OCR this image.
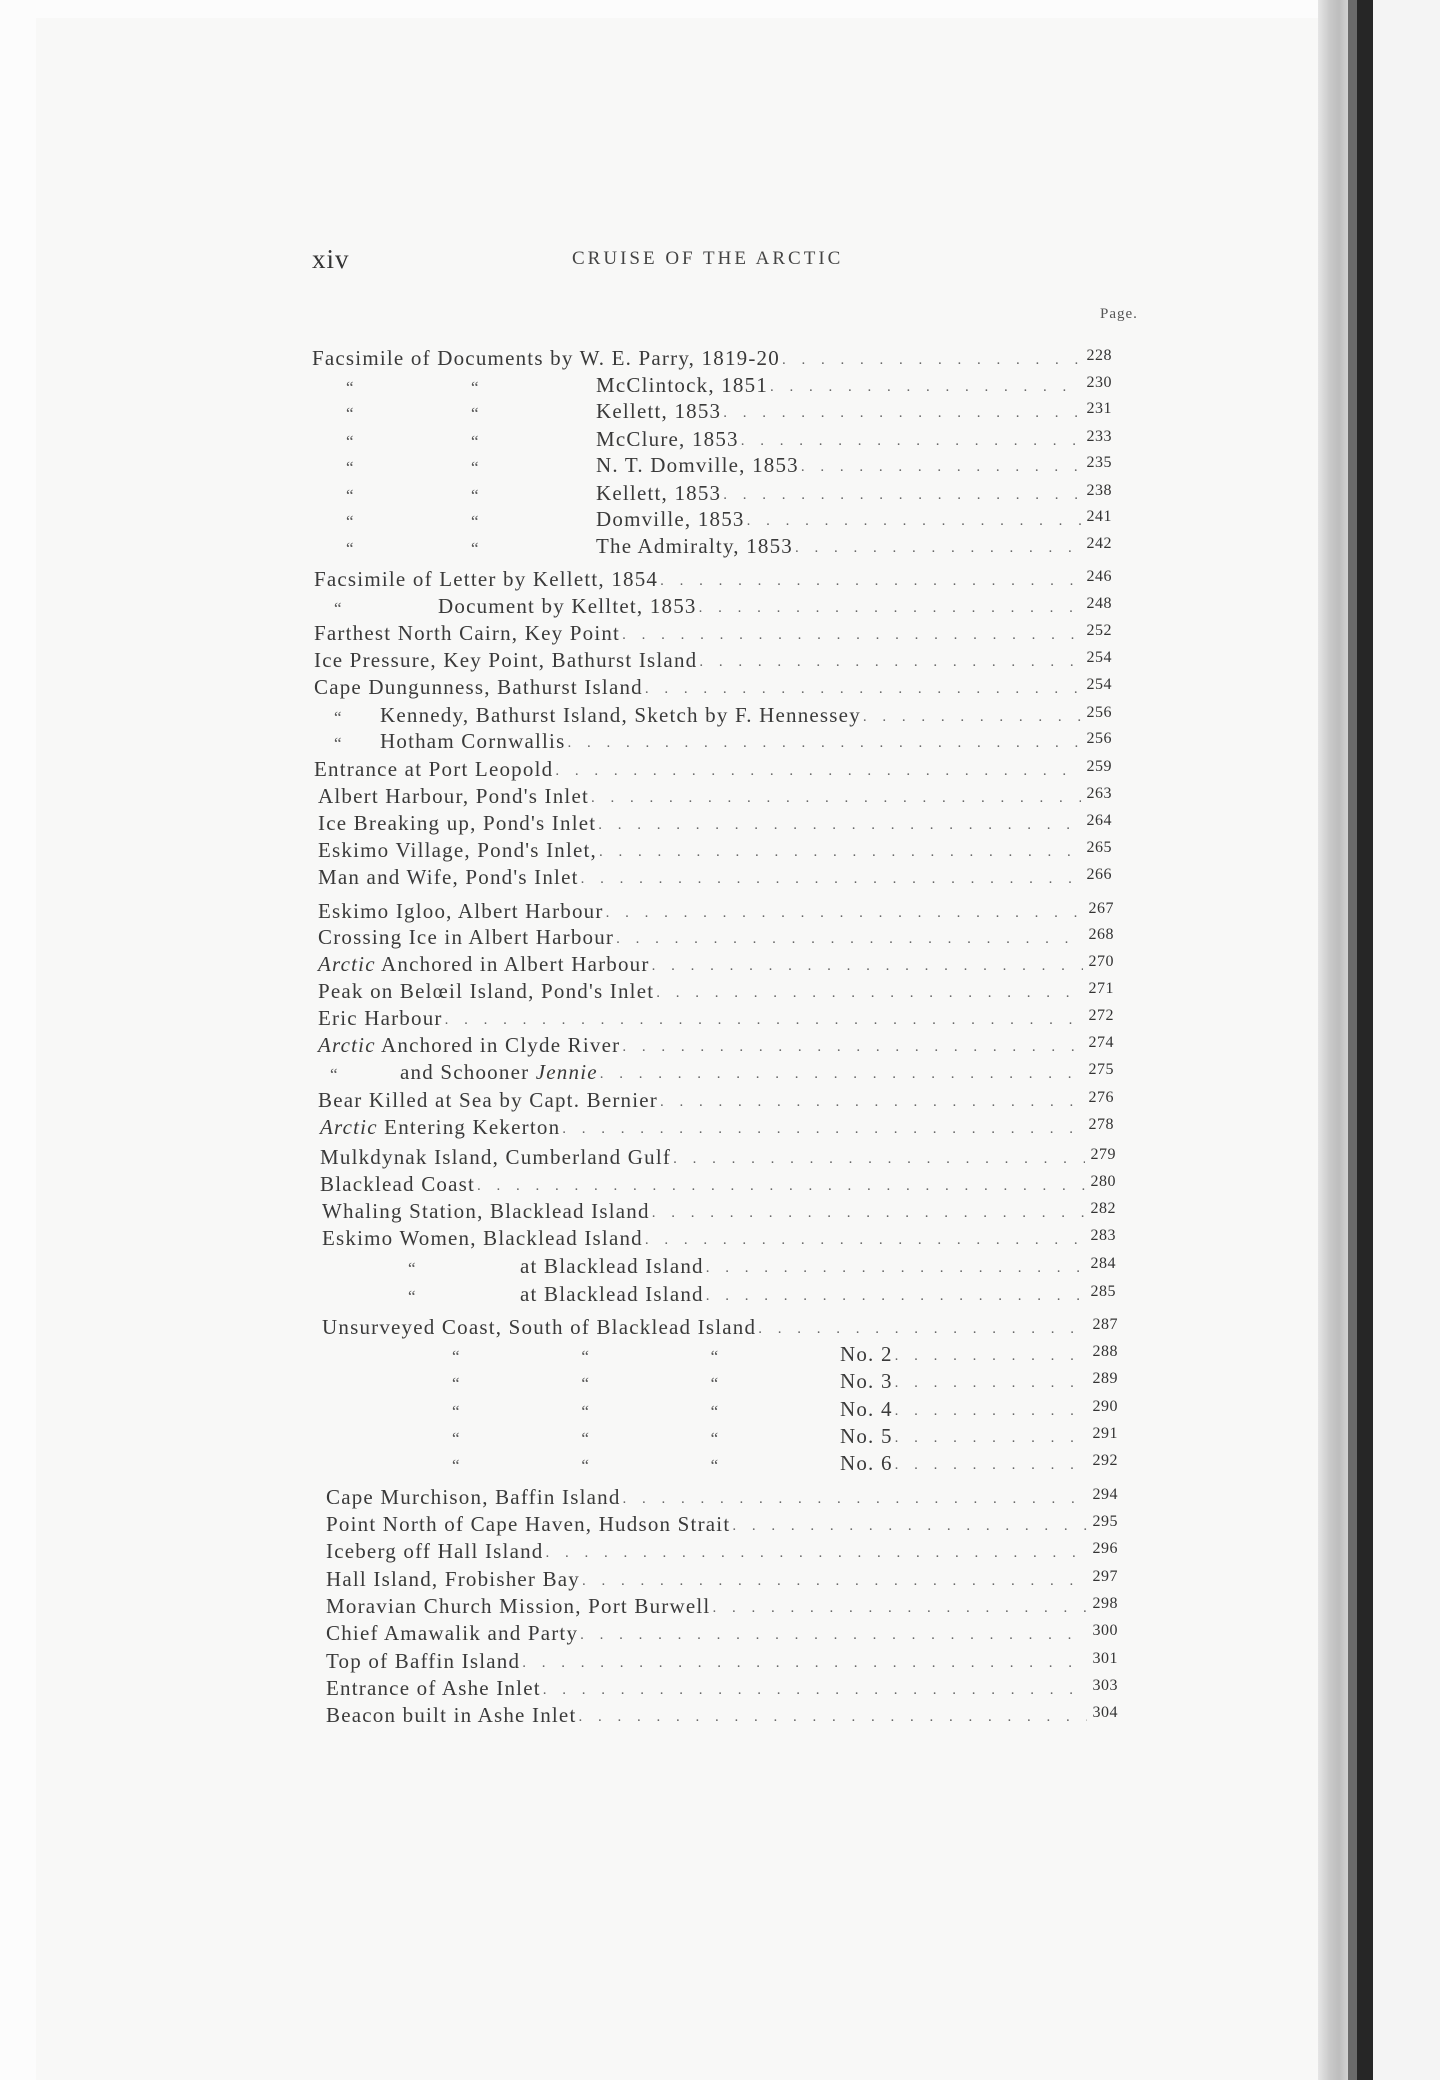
xiv	CRUISE OF THE ARCTIC
Page.
Facsimile of Documents by W. E. Parry, 1819-20 . . .	228
“	“	McClintock, 1851 . . .	230
“	“	Kellett, 1853 . . .	231
“	“	McClure, 1853 . . .	233
“	“	N. T. Domville, 1853 . . .	235
“	“	Kellett, 1853 . . .	238
“	“	Domville, 1853 . . .	241
“	“	The Admiralty, 1853 . . .	242
Facsimile of Letter by Kellett, 1854 . . .	246
“	Document by Kelltet, 1853 . . .	248
Farthest North Cairn, Key Point . . .	252
Ice Pressure, Key Point, Bathurst Island . . .	254
Cape Dungunness, Bathurst Island . . .	254
“	Kennedy, Bathurst Island, Sketch by F. Hennessey . . .	256
“	Hotham Cornwallis . . .	256
Entrance at Port Leopold . . .	259
Albert Harbour, Pond's Inlet . . .	263
Ice Breaking up, Pond's Inlet . . .	264
Eskimo Village, Pond's Inlet, . . .	265
Man and Wife, Pond's Inlet . . .	266
Eskimo Igloo, Albert Harbour . . .	267
Crossing Ice in Albert Harbour . . .	268
Arctic Anchored in Albert Harbour . . .	270
Peak on Belœil Island, Pond's Inlet . . .	271
Eric Harbour . . .	272
Arctic Anchored in Clyde River . . .	274
“	and Schooner Jennie . . .	275
Bear Killed at Sea by Capt. Bernier . . .	276
Arctic Entering Kekerton . . .	278
Mulkdynak Island, Cumberland Gulf . . .	279
Blacklead Coast . . .	280
Whaling Station, Blacklead Island . . .	282
Eskimo Women, Blacklead Island . . .	283
“	at Blacklead Island . . .	284
“	at Blacklead Island . . .	285
Unsurveyed Coast, South of Blacklead Island . . .	287
“	“	“	No. 2 . . .	288
“	“	“	No. 3 . . .	289
“	“	“	No. 4 . . .	290
“	“	“	No. 5 . . .	291
“	“	“	No. 6 . . .	292
Cape Murchison, Baffin Island . . .	294
Point North of Cape Haven, Hudson Strait . . .	295
Iceberg off Hall Island . . .	296
Hall Island, Frobisher Bay . . .	297
Moravian Church Mission, Port Burwell . . .	298
Chief Amawalik and Party . . .	300
Top of Baffin Island . . .	301
Entrance of Ashe Inlet . . .	303
Beacon built in Ashe Inlet . . .	304
